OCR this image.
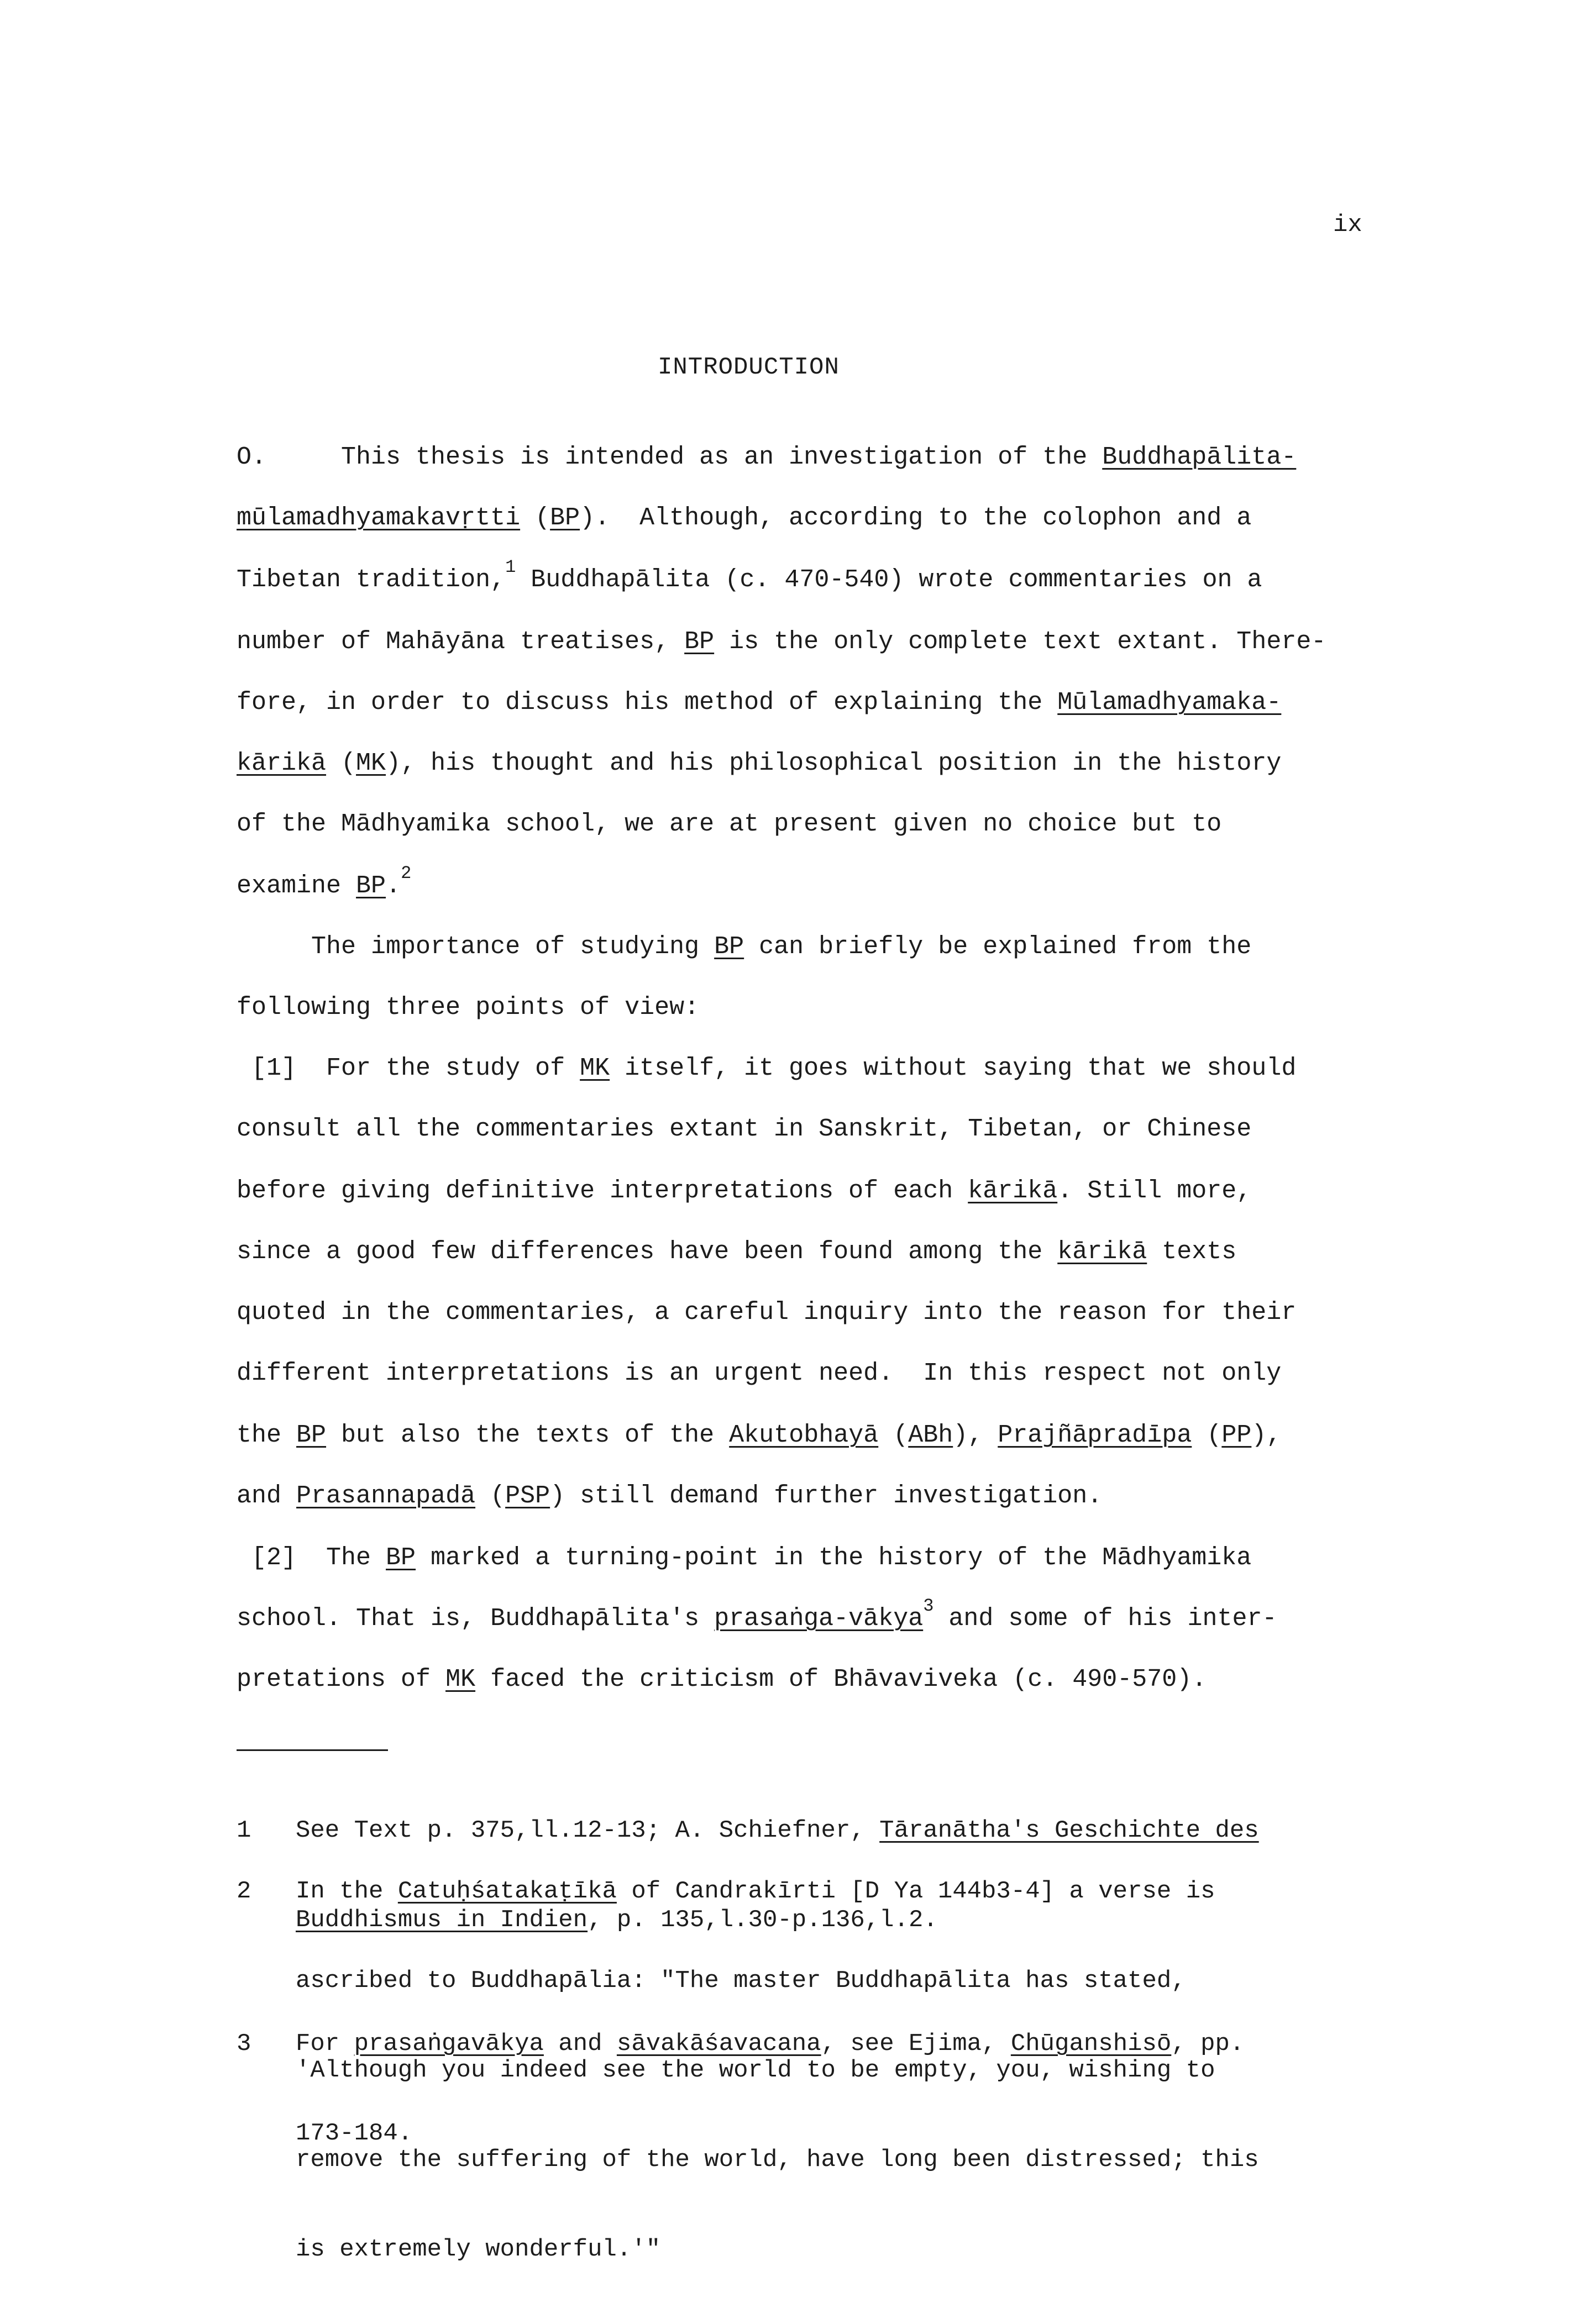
ix
INTRODUCTION
O.     This thesis is intended as an investigation of the Buddhapālita-
mūlamadhyamakavṛtti (BP).  Although, according to the colophon and a
Tibetan tradition,$^1$ Buddhapālita (c. 470-540) wrote commentaries on a
number of Mahāyāna treatises, BP is the only complete text extant. There-
fore, in order to discuss his method of explaining the Mūlamadhyamaka-
kārikā (MK), his thought and his philosophical position in the history
of the Mādhyamika school, we are at present given no choice but to
examine BP.$^2$
The importance of studying BP can briefly be explained from the
following three points of view:
[1]  For the study of MK itself, it goes without saying that we should
consult all the commentaries extant in Sanskrit, Tibetan, or Chinese
before giving definitive interpretations of each kārikā. Still more,
since a good few differences have been found among the kārikā texts
quoted in the commentaries, a careful inquiry into the reason for their
different interpretations is an urgent need.  In this respect not only
the BP but also the texts of the Akutobhayā (ABh), Prajñāpradīpa (PP),
and Prasannapadā (PSP) still demand further investigation.
[2]  The BP marked a turning-point in the history of the Mādhyamika
school. That is, Buddhapālita's prasaṅga-vākya$^3$ and some of his inter-
pretations of MK faced the criticism of Bhāvaviveka (c. 490-570).

1 See Text p. 375,ll.12-13; A. Schiefner, Tāranātha's Geschichte des

Buddhismus in Indien, p. 135,l.30-p.136,l.2.

2 In the Catuḥśatakaṭīkā of Candrakīrti [D Ya 144b3-4] a verse is

ascribed to Buddhapālia: "The master Buddhapālita has stated,

'Although you indeed see the world to be empty, you, wishing to

remove the suffering of the world, have long been distressed; this

is extremely wonderful.'"

3 For prasaṅgavākya and sāvakāśavacana, see Ejima, Chūganshisō, pp.

173-184.
